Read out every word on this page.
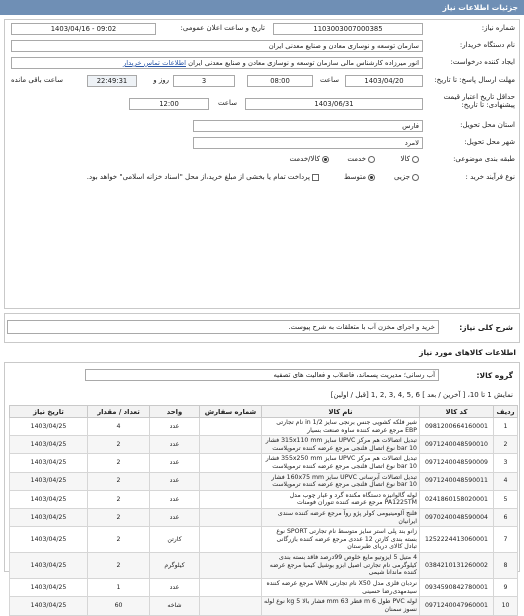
جزئیات اطلاعات نیاز
شماره نیاز:
1103003007000385
تاریخ و ساعت اعلان عمومی:
1403/04/16 - 09:02
نام دستگاه خریدار:
سازمان توسعه و نوسازی معادن و صنایع معدنی ایران
ایجاد کننده درخواست:
انور میرزاده کارشناس مالی سازمان توسعه و نوسازی معادن و صنایع معدنی ایران اطلاعات تماس خریدار
مهلت ارسال پاسخ: تا تاریخ:
1403/04/20
ساعت
08:00
3
روز و
22:49:31
ساعت باقی مانده
حداقل تاریخ اعتبار قیمت پیشنهادی: تا تاریخ:
1403/06/31
ساعت
12:00
استان محل تحویل:
فارس
شهر محل تحویل:
لامرد
طبقه بندی موضوعی:
کالا
خدمت
کالا/خدمت
نوع فرآیند خرید :
جزیی
متوسط
پرداخت تمام یا بخشی از مبلغ خرید،از محل "اسناد خزانه اسلامی" خواهد بود.
شرح کلی نیاز:
خرید و اجرای مخزن آب با متعلقات به شرح پیوست.
اطلاعات کالاهای مورد نیاز
گروه کالا:
آب رسانی؛ مدیریت پسماند، فاضلاب و فعالیت های تصفیه
نمایش 1 تا 10، [ آخرین / بعد ] 6 ,5 ,4 ,3 ,2 ,1 [قبل / اولین]
ردیف	کد کالا	نام کالا	شماره سفارش	واحد	تعداد / مقدار	تاریخ نیاز
1	0981200664160001	شیر فلکه کشویی جنس برنجی سایز in 1/2 نام تجارتی EBP مرجع عرضه کننده ساوه صنعت بسیار		عدد	4	1403/04/25
2	0971240048590010	تبدیل اتصالات هم مرکز UPVC سایز 315x110 mm فشار bar 10 نوع اتصال فلنجی مرجع عرضه کننده ترموپلاست		عدد	2	1403/04/25
3	0971240048590009	تبدیل اتصالات هم مرکز UPVC سایز 355x250 mm فشار bar 10 نوع اتصال فلنجی مرجع عرضه کننده ترموپلاست		عدد	2	1403/04/25
4	0971240048590011	تبدیل اتصالات آبرسانی UPVC سایز 160x75 mm فشار 10 bar نوع اتصال فلنجی مرجع عرضه کننده ترموپلاست		عدد	2	1403/04/25
5	0241860158020001	لوله گالوانیزه دستگاه مکنده گرد و غبار چوب مدل PA1225TM مرجع عرضه کننده تنوران فومنات		عدد	2	1403/04/25
6	0970240048590004	فلنج آلومینیومی کولر پژو روآ مرجع عرضه کننده سندی ایرانیان		عدد	2	1403/04/25
7	1252224413060001	زانو بند پلی استر سایز متوسط نام تجارتی SPORT نوع بسته بندی کارتن 12 عددی مرجع عرضه کننده بازرگانی تبادل کالای دریای طبرستان		کارتن	2	1403/04/25
8	0384210131260002	4 متیل 5 ایزوتیو مایع خلوص 99درصد فاقد بسته بندی کیلوگرمی نام تجارتی اصیل ابزو بوشیل کیمیا مرجع عرضه کننده ماندانا شیمی		کیلوگرم	2	1403/04/25
9	0934590842780001	نردبان فلزی مدل X50 نام تجارتی VAN مرجع عرضه کننده سیدمهدی‌رضا حسینی		عدد	1	1403/04/25
10	0971240047960001	لوله PVC طول 6 m قطر 63 mm فشار بالا kg 5 نوع لوله نسوز سمنان		شاخه	60	1403/04/25
